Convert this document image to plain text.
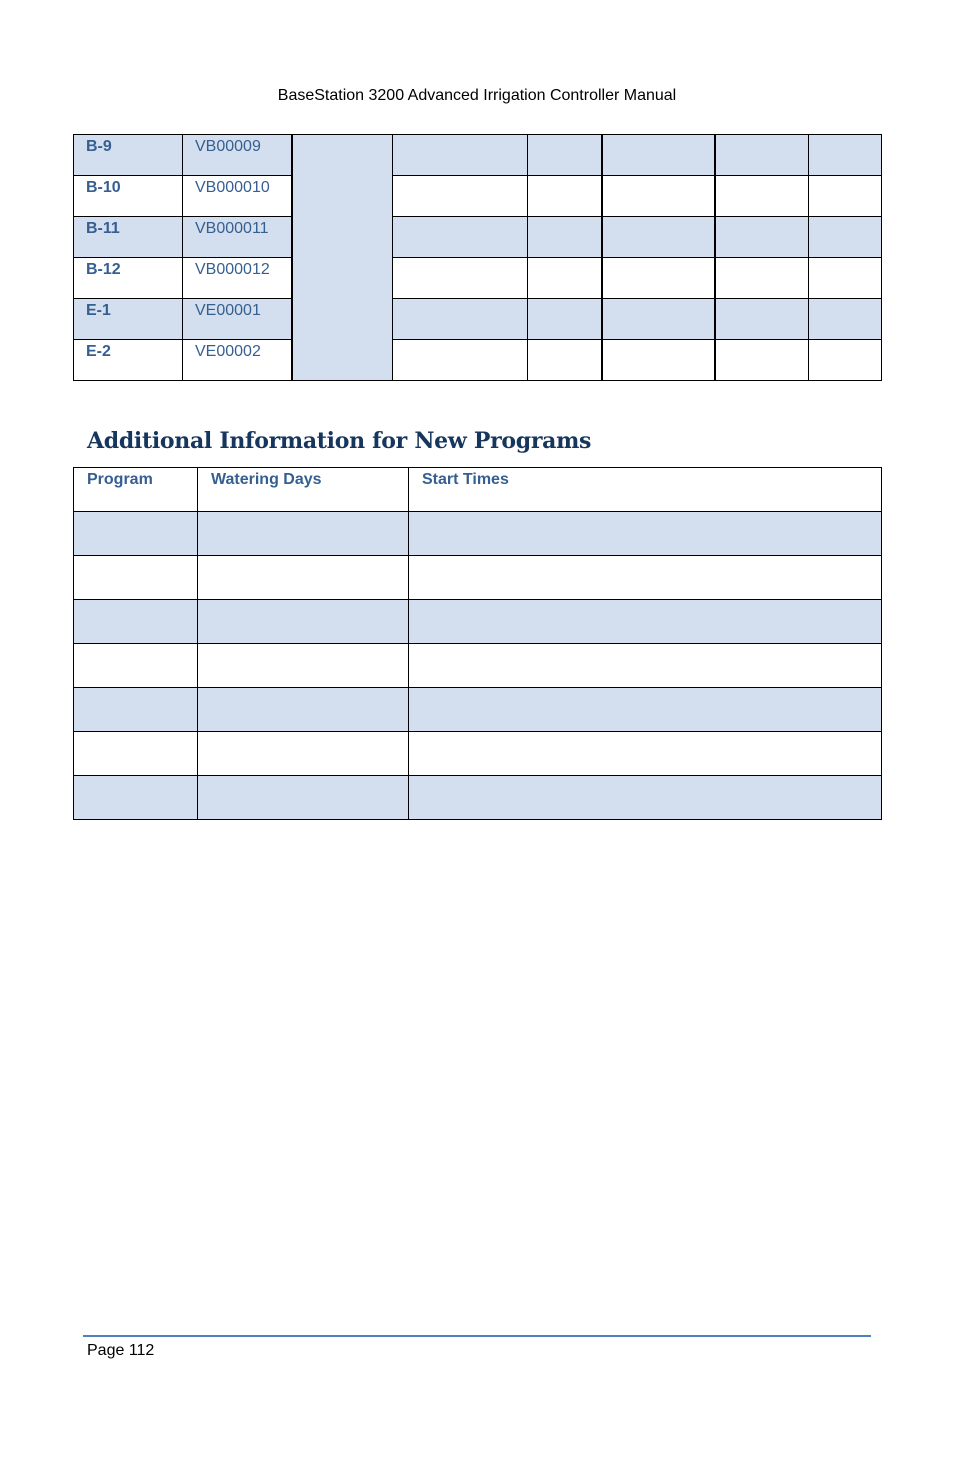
BaseStation 3200 Advanced Irrigation Controller Manual
B-9	VB00009						

B-10	VB000010						

B-11	VB000011						

B-12	VB000012						

E-1	VE00001						

E-2	VE00002						

Additional Information for New Programs
Program	Watering Days	Start Times

Page 112
